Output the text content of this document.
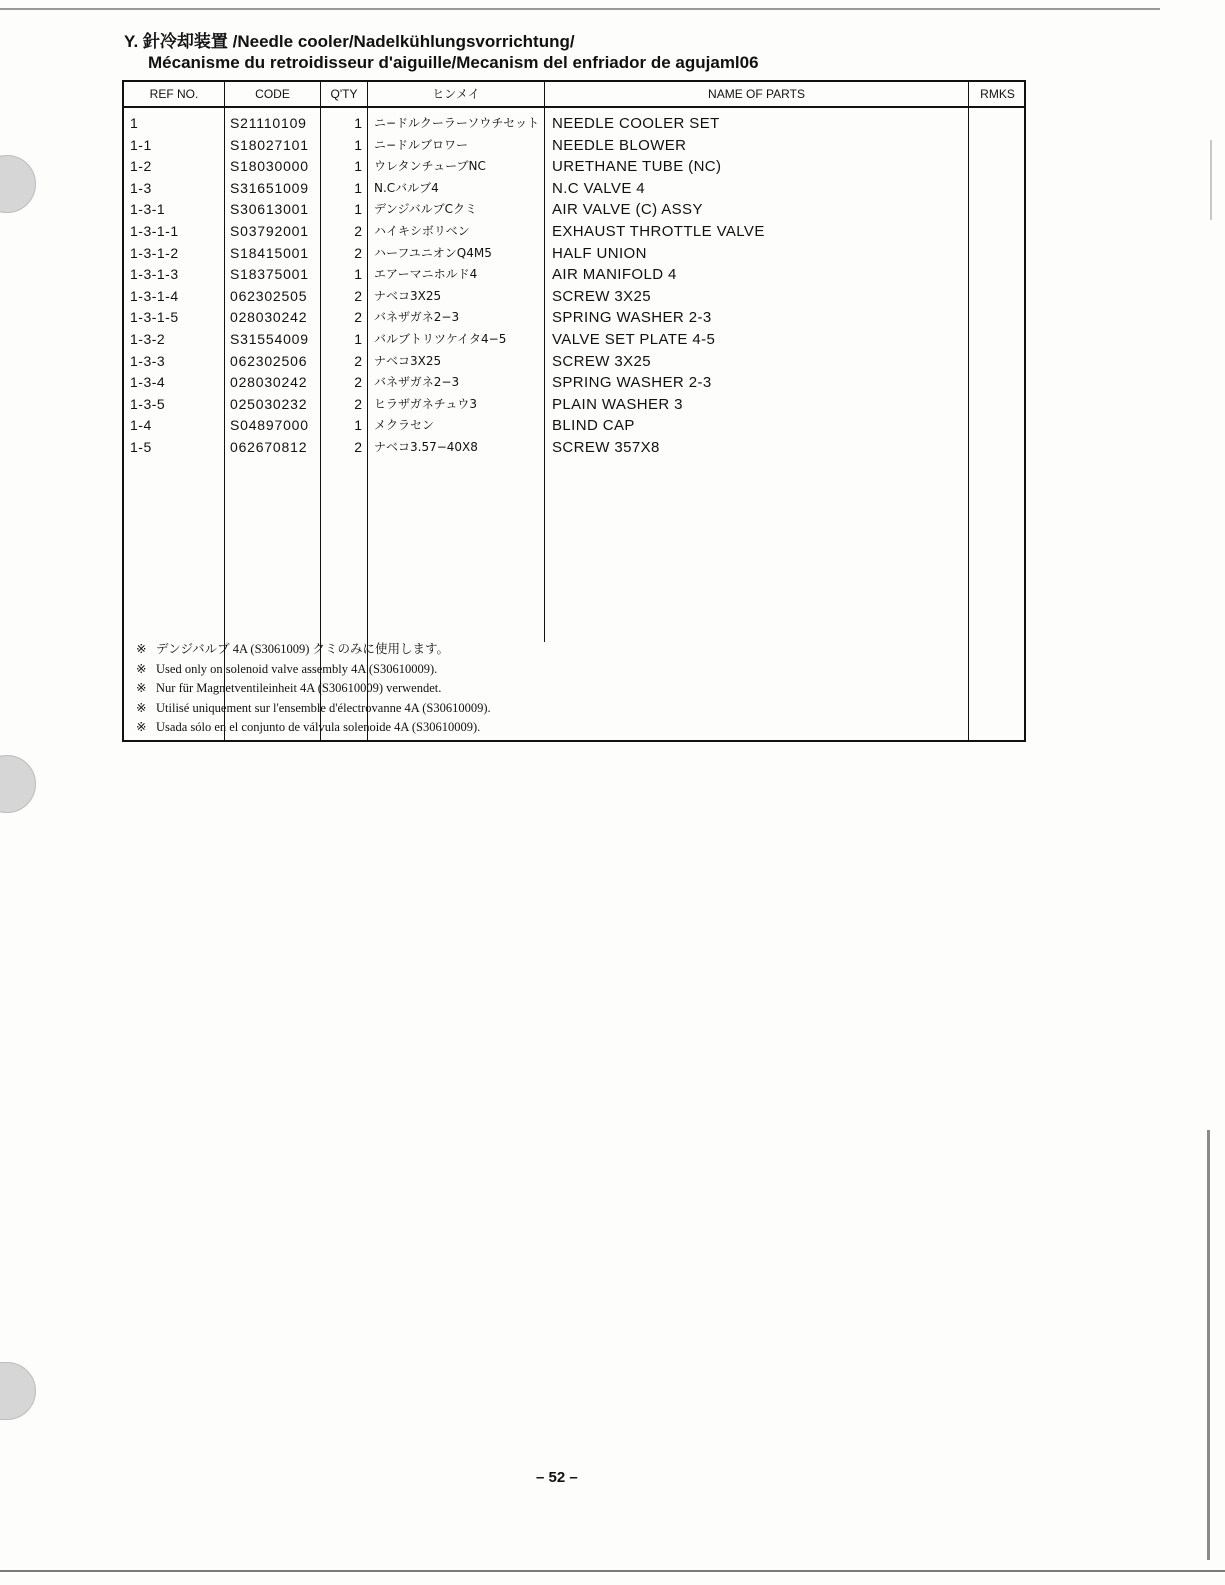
Y. 針冷却装置 /Needle cooler/Nadelkühlungsvorrichtung/
Mécanisme du retroidisseur d'aiguille/Mecanism del enfriador de agujaml06
REF NO.	CODE	Q'TY	ヒンメイ	NAME OF PARTS	RMKS
1	S21110109	1 ニ−ドルクーラーソウチセット NEEDLE COOLER SET
1-1	S18027101	1 ニ−ドルブロワー	NEEDLE BLOWER
1-2	S18030000	1 ウレタンチューブNC	URETHANE TUBE (NC)
1-3	S31651009	1 N.Cバルブ4	N.C VALVE 4
1-3-1	S30613001	1 デンジバルブCクミ	AIR VALVE (C) ASSY
1-3-1-1	S03792001	2 ハイキシボリベン	EXHAUST THROTTLE VALVE
1-3-1-2	S18415001	2 ハーフユニオンQ4M5	HALF UNION
1-3-1-3	S18375001	1 エアーマニホルド4	AIR MANIFOLD 4
1-3-1-4	062302505	2 ナベコ3X25	SCREW 3X25
1-3-1-5	028030242	2 バネザガネ2−3	SPRING WASHER 2-3
1-3-2	S31554009	1 バルブトリツケイタ4−5	VALVE SET PLATE 4-5
1-3-3	062302506	2 ナベコ3X25	SCREW 3X25
1-3-4	028030242	2 バネザガネ2−3	SPRING WASHER 2-3
1-3-5	025030232	2 ヒラザガネチュウ3	PLAIN WASHER 3
1-4	S04897000	1 メクラセン	BLIND CAP
1-5	062670812	2 ナベコ3.57−40X8	SCREW 357X8
※ デンジバルブ 4A (S3061009) クミのみに使用します。
※ Used only on solenoid valve assembly 4A (S30610009).
※ Nur für Magnetventileinheit 4A (S30610009) verwendet.
※ Utilisé uniquement sur l'ensemble d'électrovanne 4A (S30610009).
※ Usada sólo en el conjunto de válvula solenoide 4A (S30610009).
– 52 –
